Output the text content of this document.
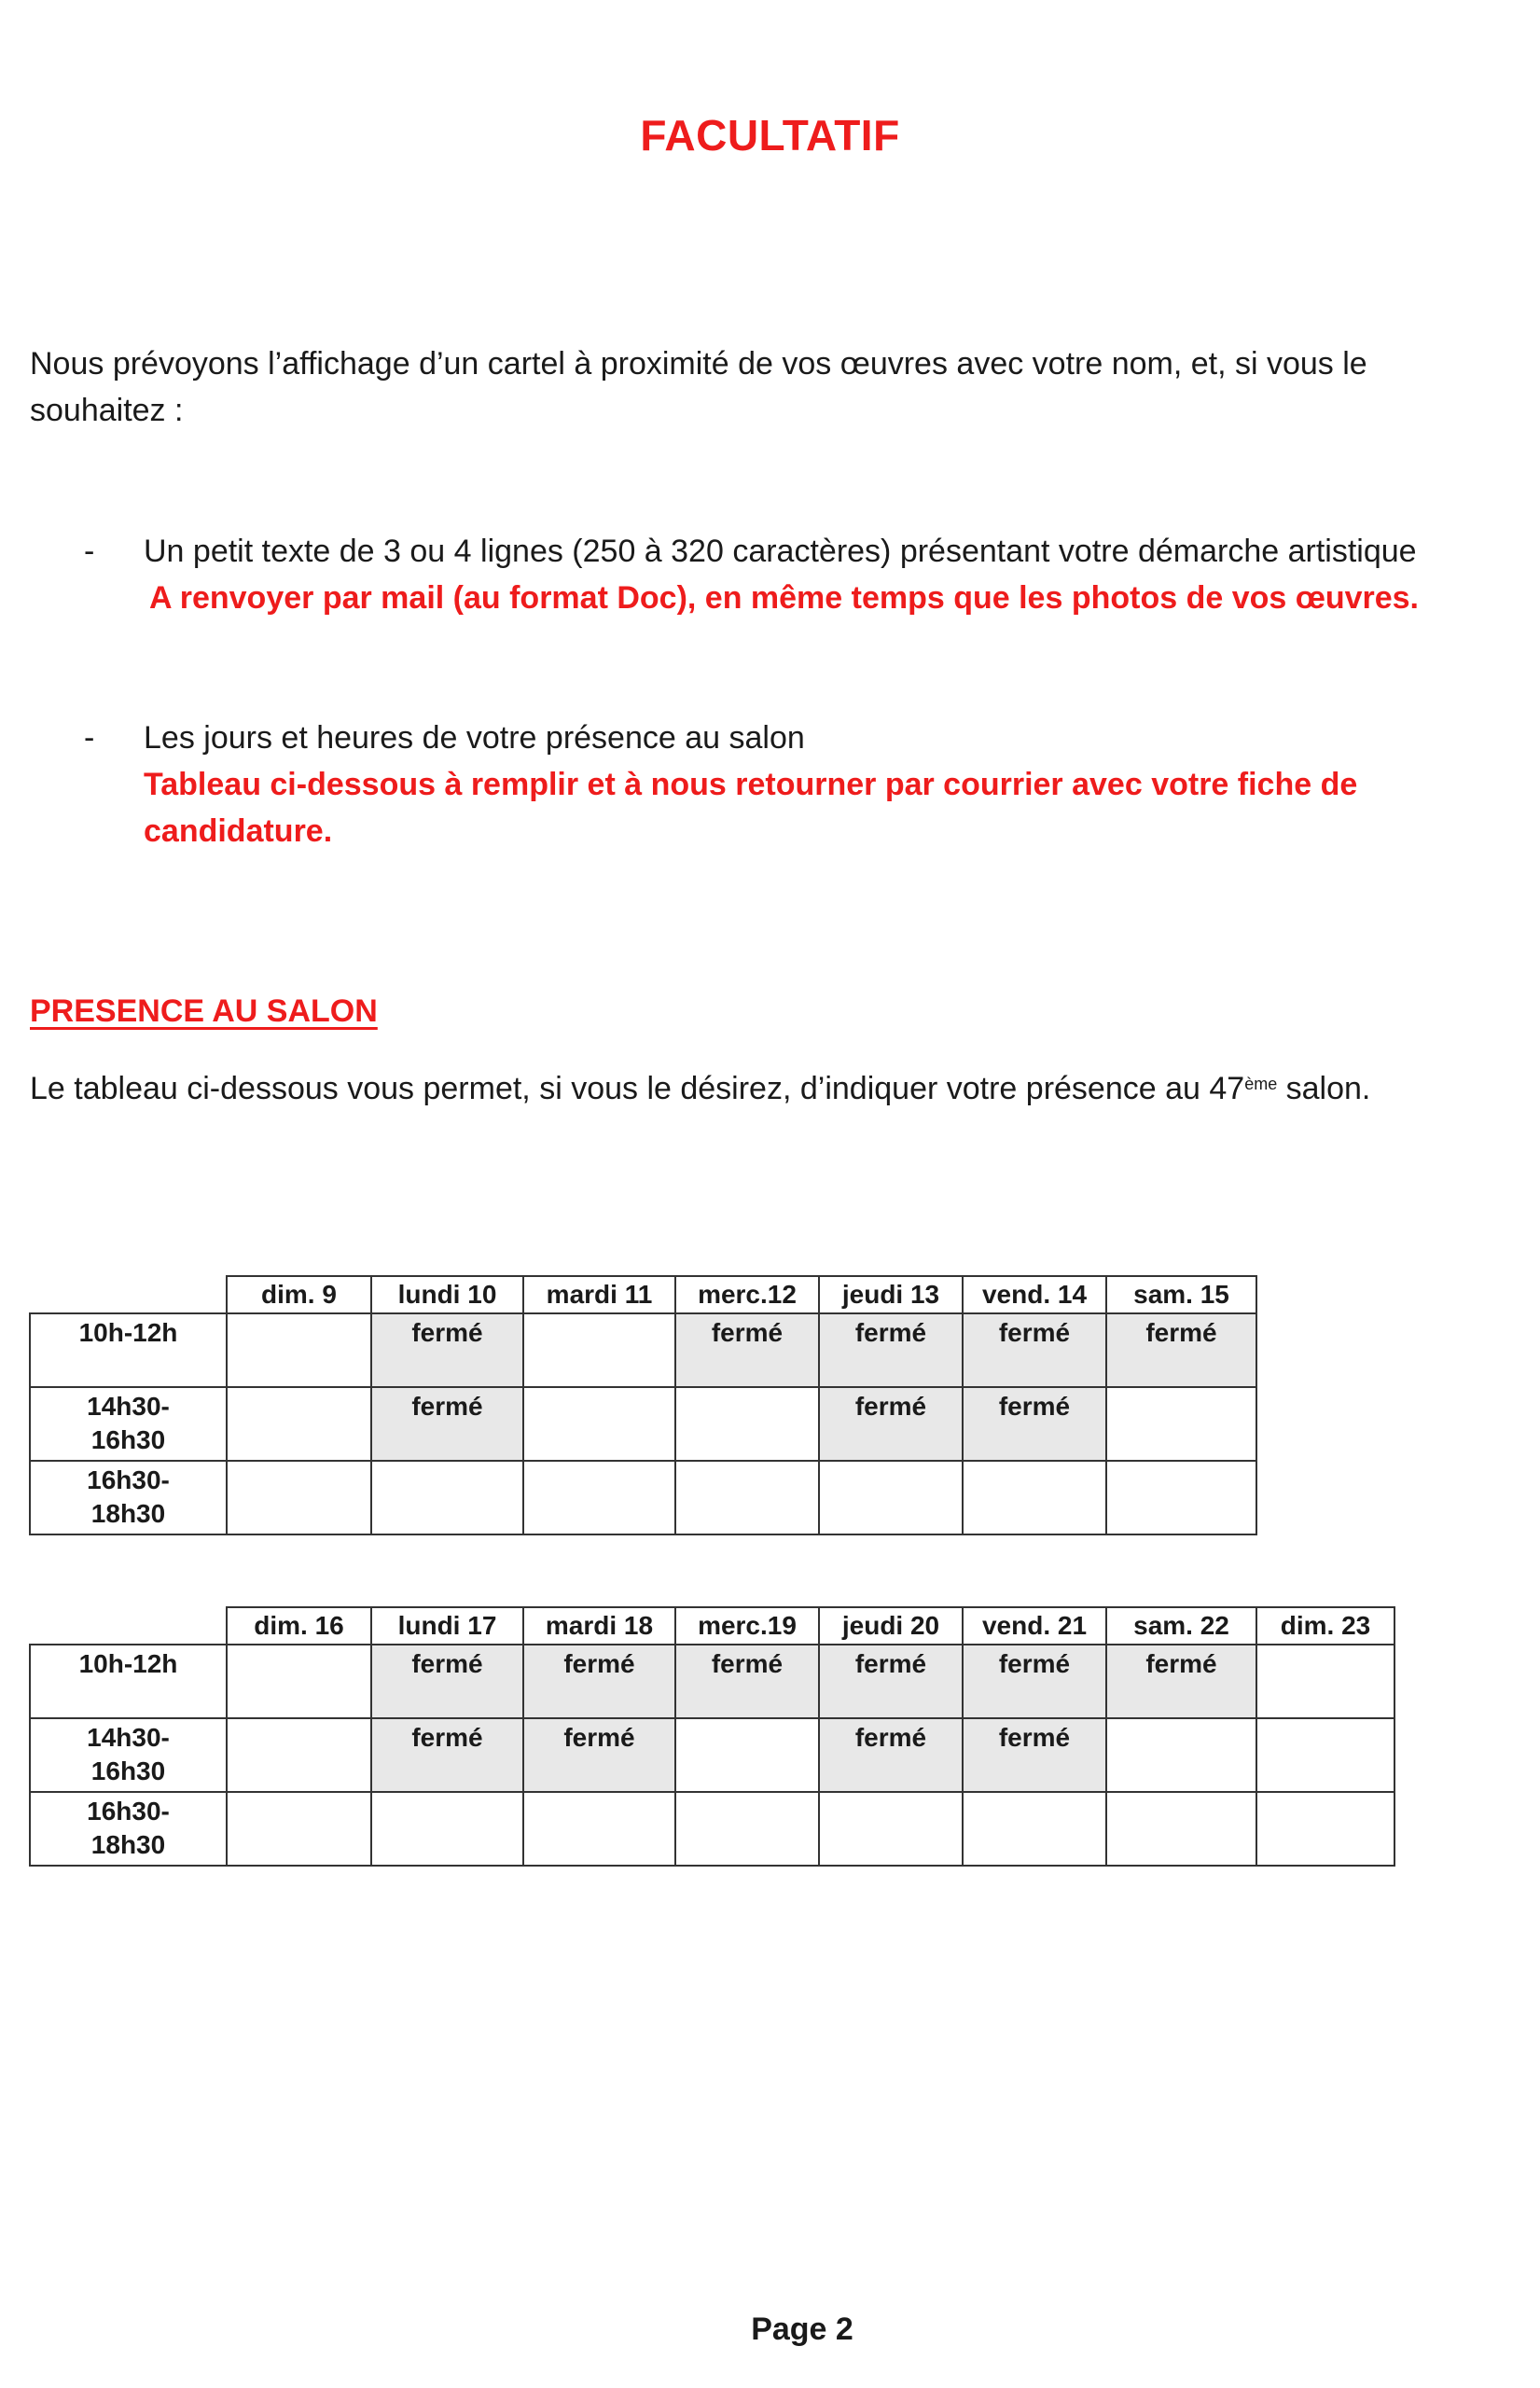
FACULTATIF

Nous prévoyons l’affichage d’un cartel à proximité de vos œuvres avec votre nom, et, si vous le souhaitez :

-	Un petit texte de 3 ou 4 lignes (250 à 320 caractères) présentant votre démarche artistique
A renvoyer par mail (au format Doc), en même temps que les photos de vos œuvres.
-	Les jours et heures de votre présence au salon
Tableau ci-dessous à remplir et à nous retourner par courrier avec votre fiche de candidature.
PRESENCE AU SALON

Le tableau ci-dessous vous permet, si vous le désirez, d’indiquer votre présence au 47ème salon.

	dim. 9	lundi 10	mardi 11	merc.12	jeudi 13	vend. 14	sam. 15
10h-12h		fermé		fermé	fermé	fermé	fermé
14h30-
16h30		fermé			fermé	fermé	
16h30-
18h30							
	dim. 16	lundi 17	mardi 18	merc.19	jeudi 20	vend. 21	sam. 22	dim. 23
10h-12h		fermé	fermé	fermé	fermé	fermé	fermé	
14h30-
16h30		fermé	fermé		fermé	fermé		
16h30-
18h30								

Page 2
